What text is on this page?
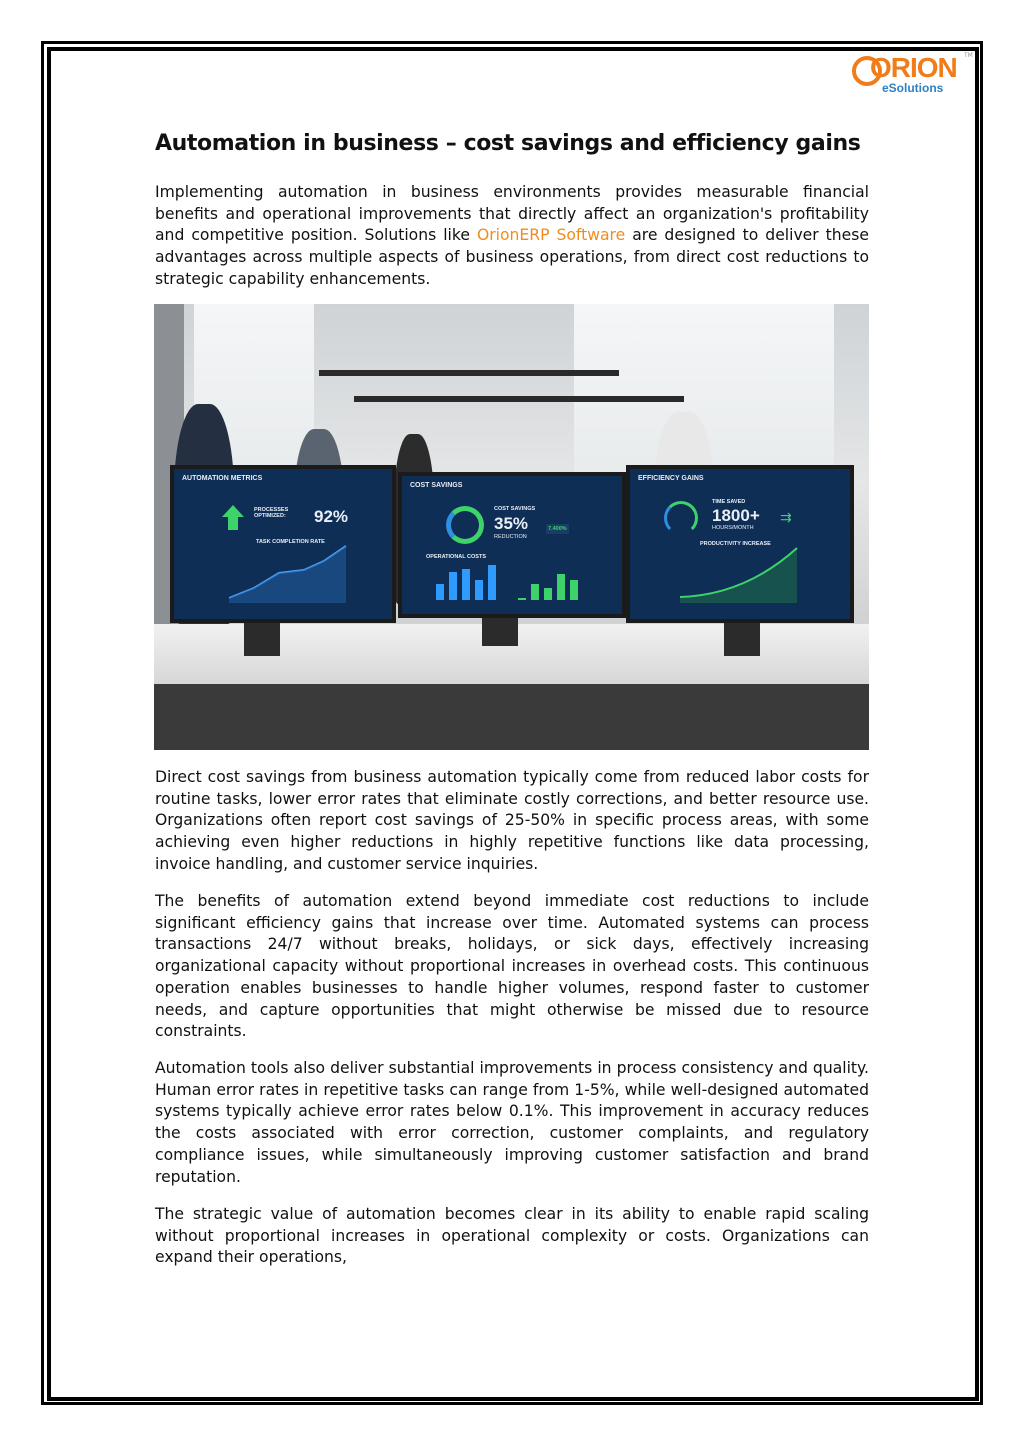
ORION TM
eSolutions
Automation in business – cost savings and efficiency gains

Implementing automation in business environments provides measurable financial benefits and operational improvements that directly affect an organization's profitability and competitive position. Solutions like OrionERP Software are designed to deliver these advantages across multiple aspects of business operations, from direct cost reductions to strategic capability enhancements.

AUTOMATION METRICS
PROCESSES OPTIMIZED:	92%
TASK COMPLETION RATE
COST SAVINGS
COST SAVINGS
35%
REDUCTION
7.400%
OPERATIONAL COSTS
EFFICIENCY GAINS
TIME SAVED
1800+
HOURS/MONTH
⇉
PRODUCTIVITY INCREASE

Direct cost savings from business automation typically come from reduced labor costs for routine tasks, lower error rates that eliminate costly corrections, and better resource use. Organizations often report cost savings of 25-50% in specific process areas, with some achieving even higher reductions in highly repetitive functions like data processing, invoice handling, and customer service inquiries.

The benefits of automation extend beyond immediate cost reductions to include significant efficiency gains that increase over time. Automated systems can process transactions 24/7 without breaks, holidays, or sick days, effectively increasing organizational capacity without proportional increases in overhead costs. This continuous operation enables businesses to handle higher volumes, respond faster to customer needs, and capture opportunities that might otherwise be missed due to resource constraints.

Automation tools also deliver substantial improvements in process consistency and quality. Human error rates in repetitive tasks can range from 1-5%, while well-designed automated systems typically achieve error rates below 0.1%. This improvement in accuracy reduces the costs associated with error correction, customer complaints, and regulatory compliance issues, while simultaneously improving customer satisfaction and brand reputation.

The strategic value of automation becomes clear in its ability to enable rapid scaling without proportional increases in operational complexity or costs. Organizations can expand their operations,
